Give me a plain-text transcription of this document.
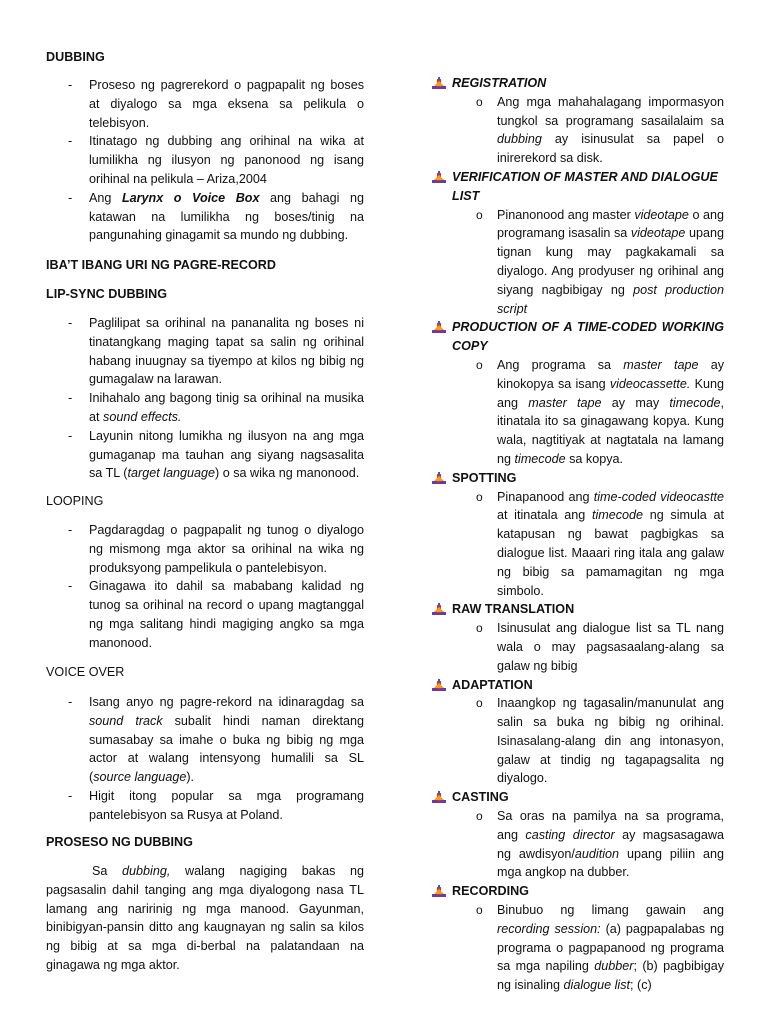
DUBBING
- Proseso ng pagrerekord o pagpapalit ng boses at diyalogo sa mga eksena sa pelikula o telebisyon.
- Itinatago ng dubbing ang orihinal na wika at lumilikha ng ilusyon ng panonood ng isang orihinal na pelikula – Ariza,2004
- Ang Larynx o Voice Box ang bahagi ng katawan na lumilikha ng boses/tinig na pangunahing ginagamit sa mundo ng dubbing.
IBA’T IBANG URI NG PAGRE-RECORD
LIP-SYNC DUBBING
- Paglilipat sa orihinal na pananalita ng boses ni tinatangkang maging tapat sa salin ng orihinal habang inuugnay sa tiyempo at kilos ng bibig ng gumagalaw na larawan.
- Inihahalo ang bagong tinig sa orihinal na musika at sound effects.
- Layunin nitong lumikha ng ilusyon na ang mga gumaganap ma tauhan ang siyang nagsasalita sa TL (target language) o sa wika ng manonood.
LOOPING
- Pagdaragdag o pagpapalit ng tunog o diyalogo ng mismong mga aktor sa orihinal na wika ng produksyong pampelikula o pantelebisyon.
- Ginagawa ito dahil sa mababang kalidad ng tunog sa orihinal na record o upang magtanggal ng mga salitang hindi magiging angko sa mga manonood.
VOICE OVER
- Isang anyo ng pagre-rekord na idinaragdag sa sound track subalit hindi naman direktang sumasabay sa imahe o buka ng bibig ng mga actor at walang intensyong humalili sa SL (source language).
- Higit itong popular sa mga programang pantelebisyon sa Rusya at Poland.
PROSESO NG DUBBING
Sa dubbing, walang nagiging bakas ng pagsasalin dahil tanging ang mga diyalogong nasa TL lamang ang naririnig ng mga manood. Gayunman, binibigyan-pansin ditto ang kaugnayan ng salin sa kilos ng bibig at sa mga di-berbal na palatandaan na ginagawa ng mga aktor.
REGISTRATION
o Ang mga mahahalagang impormasyon tungkol sa programang sasailalaim sa dubbing ay isinusulat sa papel o inirerekord sa disk.
VERIFICATION OF MASTER AND DIALOGUE LIST
o Pinanonood ang master videotape o ang programang isasalin sa videotape upang tignan kung may pagkakamali sa diyalogo. Ang prodyuser ng orihinal ang siyang nagbibigay ng post production script
PRODUCTION OF A TIME-CODED WORKING COPY
o Ang programa sa master tape ay kinokopya sa isang videocassette. Kung ang master tape ay may timecode, itinatala ito sa ginagawang kopya. Kung wala, nagtitiyak at nagtatala na lamang ng timecode sa kopya.
SPOTTING
o Pinapanood ang time-coded videocastte at itinatala ang timecode ng simula at katapusan ng bawat pagbigkas sa dialogue list. Maaari ring itala ang galaw ng bibig sa pamamagitan ng mga simbolo.
RAW TRANSLATION
o Isinusulat ang dialogue list sa TL nang wala o may pagsasaalang-alang sa galaw ng bibig
ADAPTATION
o Inaangkop ng tagasalin/manunulat ang salin sa buka ng bibig ng orihinal. Isinasalang-alang din ang intonasyon, galaw at tindig ng tagapagsalita ng diyalogo.
CASTING
o Sa oras na pamilya na sa programa, ang casting director ay magsasagawa ng awdisyon/audition upang piliin ang mga angkop na dubber.
RECORDING
o Binubuo ng limang gawain ang recording session: (a) pagpapalabas ng programa o pagpapanood ng programa sa mga napiling dubber; (b) pagbibigay ng isinaling dialogue list; (c)
